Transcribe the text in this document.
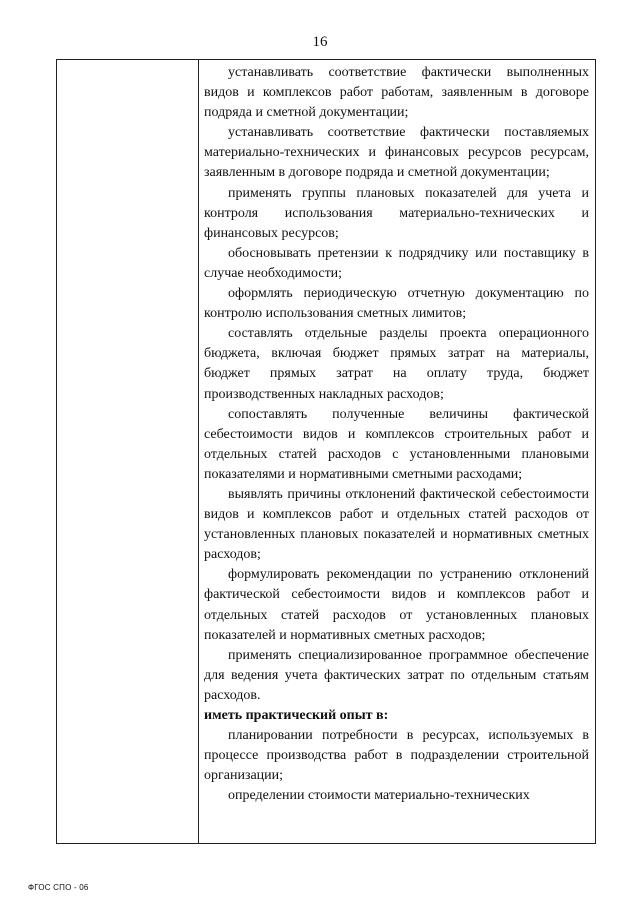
16

устанавливать соответствие фактически выполненных видов и комплексов работ работам, заявленным в договоре подряда и сметной документации;

устанавливать соответствие фактически поставляемых материально-технических и финансовых ресурсов ресурсам, заявленным в договоре подряда и сметной документации;

применять группы плановых показателей для учета и контроля использования материально-технических и финансовых ресурсов;

обосновывать претензии к подрядчику или поставщику в случае необходимости;

оформлять периодическую отчетную документацию по контролю использования сметных лимитов;

составлять отдельные разделы проекта операционного бюджета, включая бюджет прямых затрат на материалы, бюджет прямых затрат на оплату труда, бюджет производственных накладных расходов;

сопоставлять полученные величины фактической себестоимости видов и комплексов строительных работ и отдельных статей расходов с установленными плановыми показателями и нормативными сметными расходами;

выявлять причины отклонений фактической себестоимости видов и комплексов работ и отдельных статей расходов от установленных плановых показателей и нормативных сметных расходов;

формулировать рекомендации по устранению отклонений фактической себестоимости видов и комплексов работ и отдельных статей расходов от установленных плановых показателей и нормативных сметных расходов;

применять специализированное программное обеспечение для ведения учета фактических затрат по отдельным статьям расходов.

иметь практический опыт в:

планировании потребности в ресурсах, используемых в процессе производства работ в подразделении строительной организации;

определении стоимости материально-технических

ФГОС СПО - 06
